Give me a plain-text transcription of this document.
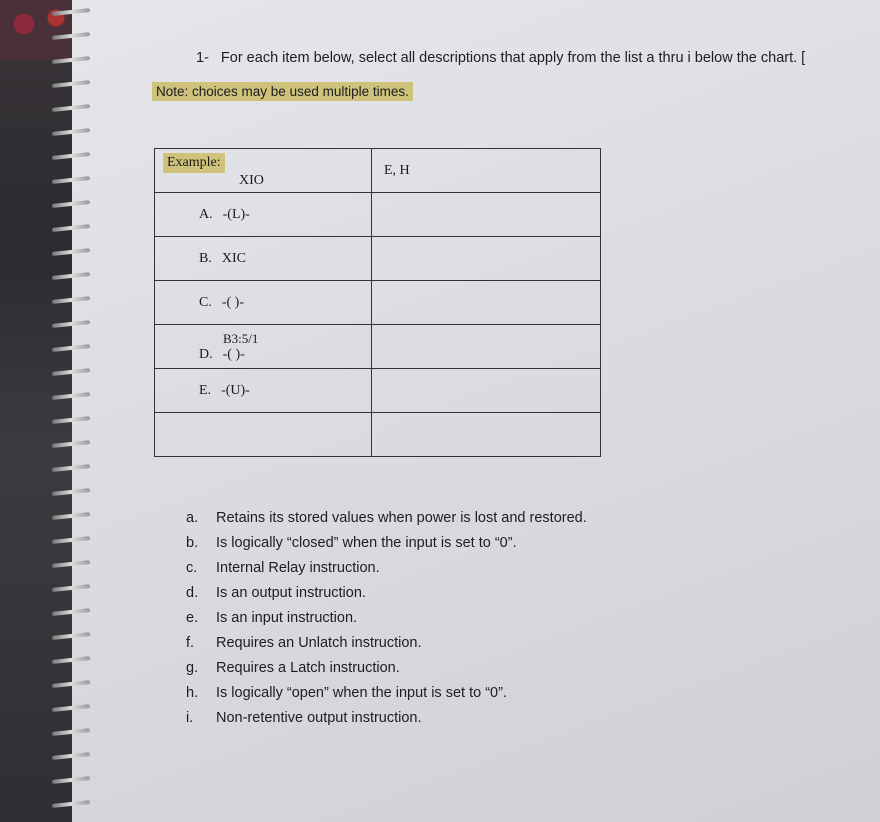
1- For each item below, select all descriptions that apply from the list a thru i below the chart. [
Note: choices may be used multiple times.
Example:
XIO	E, H
A. -(L)-	
B. XIC	
C. -( )-	

B3:5/1
D. -( )-	
E. -(U)-	

a. Retains its stored values when power is lost and restored.
b. Is logically “closed” when the input is set to “0”.
c. Internal Relay instruction.
d. Is an output instruction.
e. Is an input instruction.
f. Requires an Unlatch instruction.
g. Requires a Latch instruction.
h. Is logically “open” when the input is set to “0”.
i. Non-retentive output instruction.
